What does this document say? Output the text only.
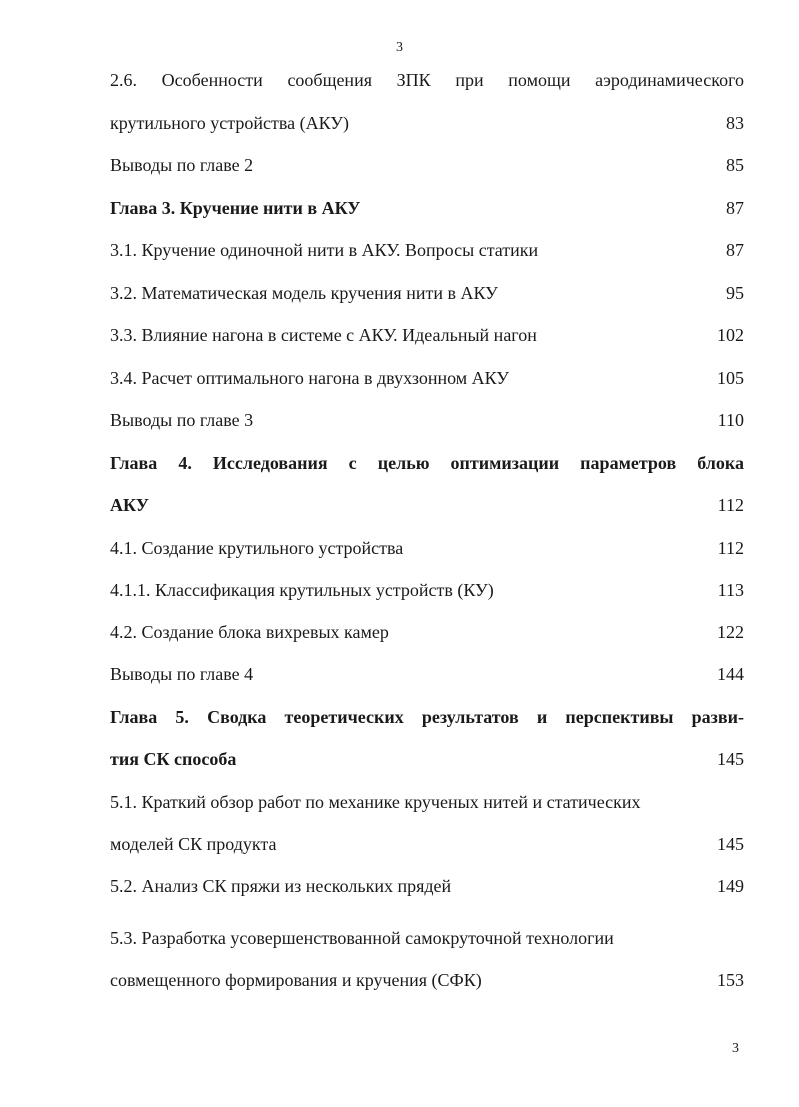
3
2.6. Особенности сообщения ЗПК при помощи аэродинамического
крутильного устройства (АКУ)	83
Выводы по главе 2	85
Глава 3. Кручение нити в АКУ	87
3.1. Кручение одиночной нити в АКУ. Вопросы статики	87
3.2. Математическая модель кручения нити в АКУ	95
3.3. Влияние нагона в системе с АКУ. Идеальный нагон	102
3.4. Расчет оптимального нагона в двухзонном АКУ	105
Выводы по главе 3	110
Глава 4. Исследования с целью оптимизации параметров блока
АКУ	112
4.1. Создание крутильного устройства	112
4.1.1. Классификация крутильных устройств (КУ)	113
4.2. Создание блока вихревых камер	122
Выводы по главе 4	144
Глава 5. Сводка теоретических результатов и перспективы разви-
тия СК способа	145
5.1. Краткий обзор работ по механике крученых нитей и статических
моделей СК продукта	145
5.2. Анализ СК пряжи из нескольких прядей	149
5.3. Разработка усовершенствованной самокруточной технологии
совмещенного формирования и кручения (СФК)	153
3
